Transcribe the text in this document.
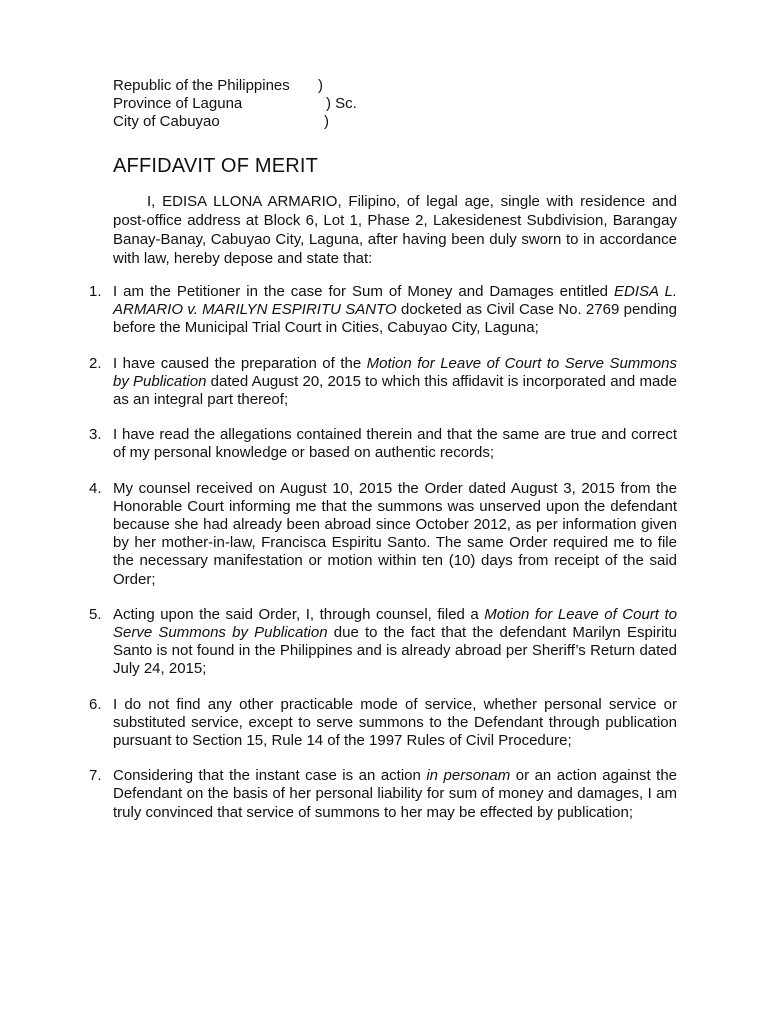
Republic of the Philippines )
Province of Laguna	) Sc.
City of Cabuyao	)
AFFIDAVIT OF MERIT

I, EDISA LLONA ARMARIO, Filipino, of legal age, single with residence and post-office address at Block 6, Lot 1, Phase 2, Lakesidenest Subdivision, Barangay Banay-Banay, Cabuyao City, Laguna, after having been duly sworn to in accordance with law, hereby depose and state that:

1. I am the Petitioner in the case for Sum of Money and Damages entitled EDISA L. ARMARIO v. MARILYN ESPIRITU SANTO docketed as Civil Case No. 2769 pending before the Municipal Trial Court in Cities, Cabuyao City, Laguna;
2. I have caused the preparation of the Motion for Leave of Court to Serve Summons by Publication dated August 20, 2015 to which this affidavit is incorporated and made as an integral part thereof;
3. I have read the allegations contained therein and that the same are true and correct of my personal knowledge or based on authentic records;
4. My counsel received on August 10, 2015 the Order dated August 3, 2015 from the Honorable Court informing me that the summons was unserved upon the defendant because she had already been abroad since October 2012, as per information given by her mother-in-law, Francisca Espiritu Santo. The same Order required me to file the necessary manifestation or motion within ten (10) days from receipt of the said Order;
5. Acting upon the said Order, I, through counsel, filed a Motion for Leave of Court to Serve Summons by Publication due to the fact that the defendant Marilyn Espiritu Santo is not found in the Philippines and is already abroad per Sheriff’s Return dated July 24, 2015;
6. I do not find any other practicable mode of service, whether personal service or substituted service, except to serve summons to the Defendant through publication pursuant to Section 15, Rule 14 of the 1997 Rules of Civil Procedure;
7. Considering that the instant case is an action in personam or an action against the Defendant on the basis of her personal liability for sum of money and damages, I am truly convinced that service of summons to her may be effected by publication;
